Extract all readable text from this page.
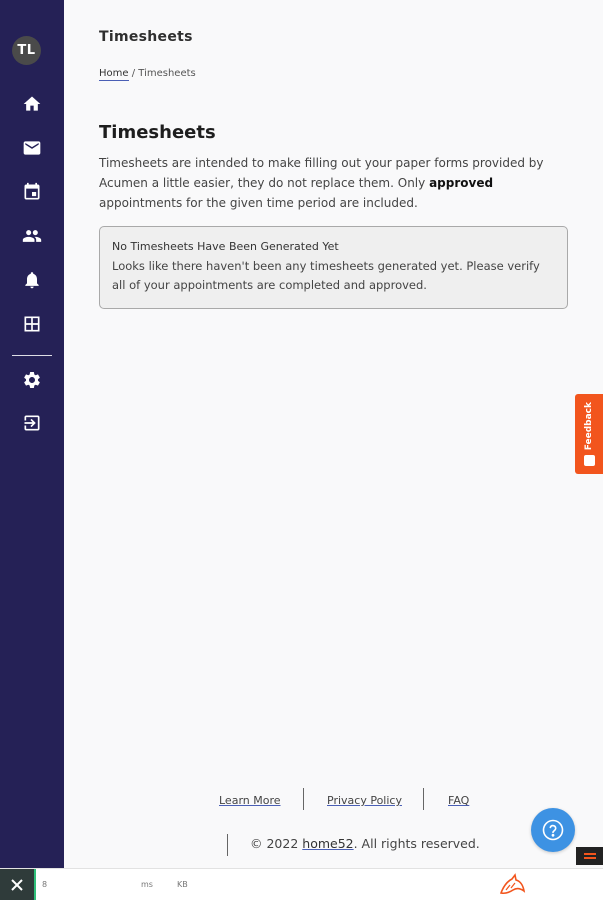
TL
Timesheets
Home / Timesheets
Timesheets

Timesheets are intended to make filling out your paper forms provided by Acumen a little easier, they do not replace them. Only approved appointments for the given time period are included.

No Timesheets Have Been Generated Yet
Looks like there haven't been any timesheets generated yet. Please verify all of your appointments are completed and approved.
Feedback
Learn More	Privacy Policy	FAQ
© 2022 home52. All rights reserved.
8	ms	KB
